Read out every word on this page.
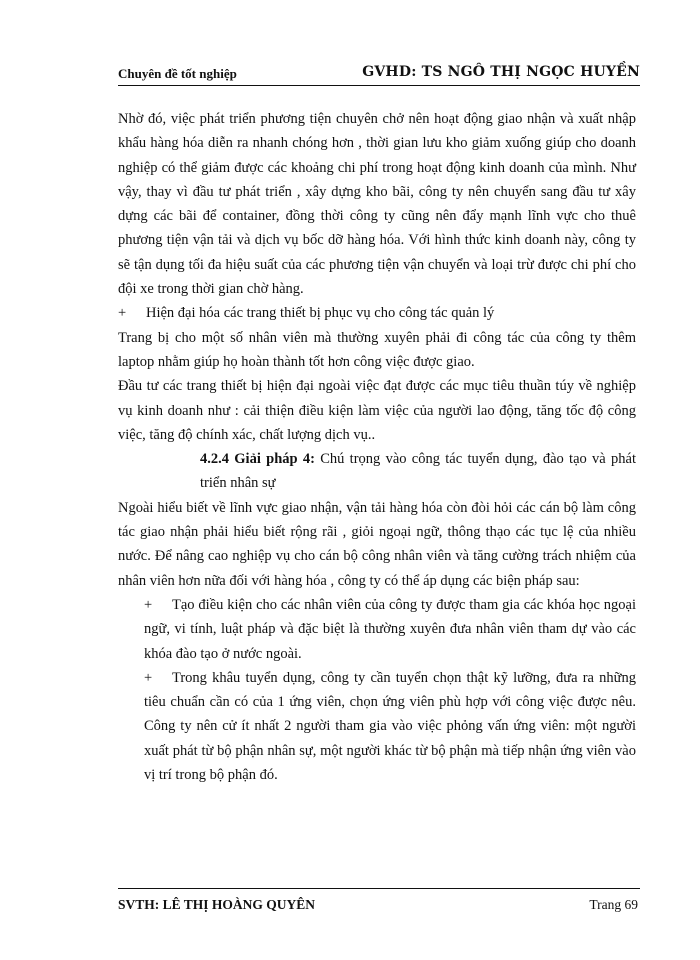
Chuyên đề tốt nghiệp	GVHD: TS NGÔ THỊ NGỌC HUYỀN

Nhờ đó, việc phát triển phương tiện chuyên chở nên hoạt động giao nhận và xuất nhập khẩu hàng hóa diễn ra nhanh chóng hơn , thời gian lưu kho giảm xuống giúp cho doanh nghiệp có thể giảm được các khoảng chi phí trong hoạt động kinh doanh của mình. Như vậy, thay vì đầu tư phát triển , xây dựng kho bãi, công ty nên chuyển sang đầu tư xây dựng các bãi để container, đồng thời công ty cũng nên đẩy mạnh lĩnh vực cho thuê phương tiện vận tải và dịch vụ bốc dỡ hàng hóa. Với hình thức kinh doanh này, công ty sẽ tận dụng tối đa hiệu suất của các phương tiện vận chuyển và loại trừ được chi phí cho đội xe trong thời gian chờ hàng.

+ Hiện đại hóa các trang thiết bị phục vụ cho công tác quản lý

Trang bị cho một số nhân viên mà thường xuyên phải đi công tác của công ty thêm laptop nhằm giúp họ hoàn thành tốt hơn công việc được giao.

Đầu tư các trang thiết bị hiện đại ngoài việc đạt được các mục tiêu thuần túy về nghiệp vụ kinh doanh như : cải thiện điều kiện làm việc của người lao động, tăng tốc độ công việc, tăng độ chính xác, chất lượng dịch vụ..

4.2.4 Giải pháp 4: Chú trọng vào công tác tuyển dụng, đào tạo và phát triển nhân sự

Ngoài hiểu biết về lĩnh vực giao nhận, vận tải hàng hóa còn đòi hỏi các cán bộ làm công tác giao nhận phải hiểu biết rộng rãi , giỏi ngoại ngữ, thông thạo các tục lệ của nhiều nước. Để nâng cao nghiệp vụ cho cán bộ công nhân viên và tăng cường trách nhiệm của nhân viên hơn nữa đối với hàng hóa , công ty có thể áp dụng các biện pháp sau:

+ Tạo điều kiện cho các nhân viên của công ty được tham gia các khóa học ngoại ngữ, vi tính, luật pháp và đặc biệt là thường xuyên đưa nhân viên tham dự vào các khóa đào tạo ở nước ngoài.

+ Trong khâu tuyển dụng, công ty cần tuyển chọn thật kỹ lưỡng, đưa ra những tiêu chuẩn cần có của 1 ứng viên, chọn ứng viên phù hợp với công việc được nêu. Công ty nên cử ít nhất 2 người tham gia vào việc phỏng vấn ứng viên: một người xuất phát từ bộ phận nhân sự, một người khác từ bộ phận mà tiếp nhận ứng viên vào vị trí trong bộ phận đó.

SVTH: LÊ THỊ HOÀNG QUYÊN	Trang 69
